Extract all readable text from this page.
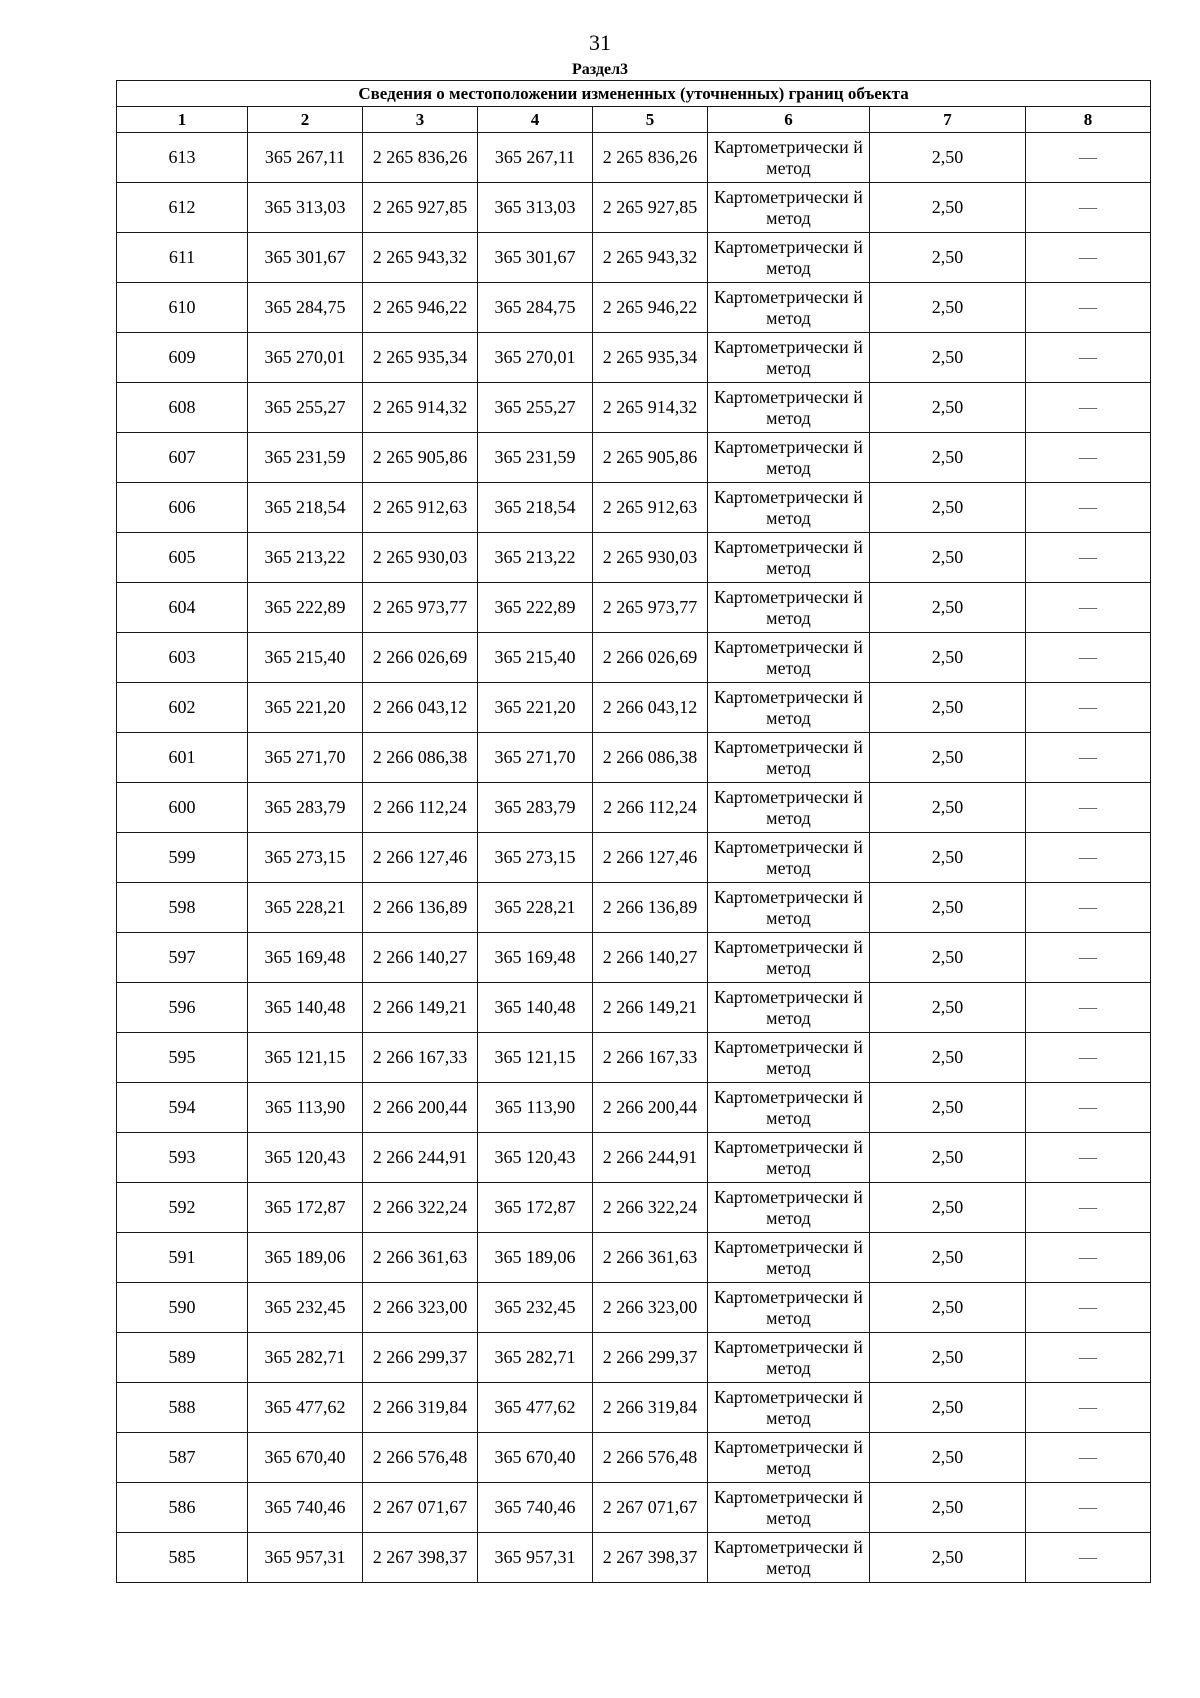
31
Раздел3
Сведения о местоположении измененных (уточненных) границ объекта							
1	2	3	4	5	6	7	8
613	365 267,11	2 265 836,26	365 267,11	2 265 836,26	Картометрически й метод	2,50	—
612	365 313,03	2 265 927,85	365 313,03	2 265 927,85	Картометрически й метод	2,50	—
611	365 301,67	2 265 943,32	365 301,67	2 265 943,32	Картометрически й метод	2,50	—
610	365 284,75	2 265 946,22	365 284,75	2 265 946,22	Картометрически й метод	2,50	—
609	365 270,01	2 265 935,34	365 270,01	2 265 935,34	Картометрически й метод	2,50	—
608	365 255,27	2 265 914,32	365 255,27	2 265 914,32	Картометрически й метод	2,50	—
607	365 231,59	2 265 905,86	365 231,59	2 265 905,86	Картометрически й метод	2,50	—
606	365 218,54	2 265 912,63	365 218,54	2 265 912,63	Картометрически й метод	2,50	—
605	365 213,22	2 265 930,03	365 213,22	2 265 930,03	Картометрически й метод	2,50	—
604	365 222,89	2 265 973,77	365 222,89	2 265 973,77	Картометрически й метод	2,50	—
603	365 215,40	2 266 026,69	365 215,40	2 266 026,69	Картометрически й метод	2,50	—
602	365 221,20	2 266 043,12	365 221,20	2 266 043,12	Картометрически й метод	2,50	—
601	365 271,70	2 266 086,38	365 271,70	2 266 086,38	Картометрически й метод	2,50	—
600	365 283,79	2 266 112,24	365 283,79	2 266 112,24	Картометрически й метод	2,50	—
599	365 273,15	2 266 127,46	365 273,15	2 266 127,46	Картометрически й метод	2,50	—
598	365 228,21	2 266 136,89	365 228,21	2 266 136,89	Картометрически й метод	2,50	—
597	365 169,48	2 266 140,27	365 169,48	2 266 140,27	Картометрически й метод	2,50	—
596	365 140,48	2 266 149,21	365 140,48	2 266 149,21	Картометрически й метод	2,50	—
595	365 121,15	2 266 167,33	365 121,15	2 266 167,33	Картометрически й метод	2,50	—
594	365 113,90	2 266 200,44	365 113,90	2 266 200,44	Картометрически й метод	2,50	—
593	365 120,43	2 266 244,91	365 120,43	2 266 244,91	Картометрически й метод	2,50	—
592	365 172,87	2 266 322,24	365 172,87	2 266 322,24	Картометрически й метод	2,50	—
591	365 189,06	2 266 361,63	365 189,06	2 266 361,63	Картометрически й метод	2,50	—
590	365 232,45	2 266 323,00	365 232,45	2 266 323,00	Картометрически й метод	2,50	—
589	365 282,71	2 266 299,37	365 282,71	2 266 299,37	Картометрически й метод	2,50	—
588	365 477,62	2 266 319,84	365 477,62	2 266 319,84	Картометрически й метод	2,50	—
587	365 670,40	2 266 576,48	365 670,40	2 266 576,48	Картометрически й метод	2,50	—
586	365 740,46	2 267 071,67	365 740,46	2 267 071,67	Картометрически й метод	2,50	—
585	365 957,31	2 267 398,37	365 957,31	2 267 398,37	Картометрически й метод	2,50	—
